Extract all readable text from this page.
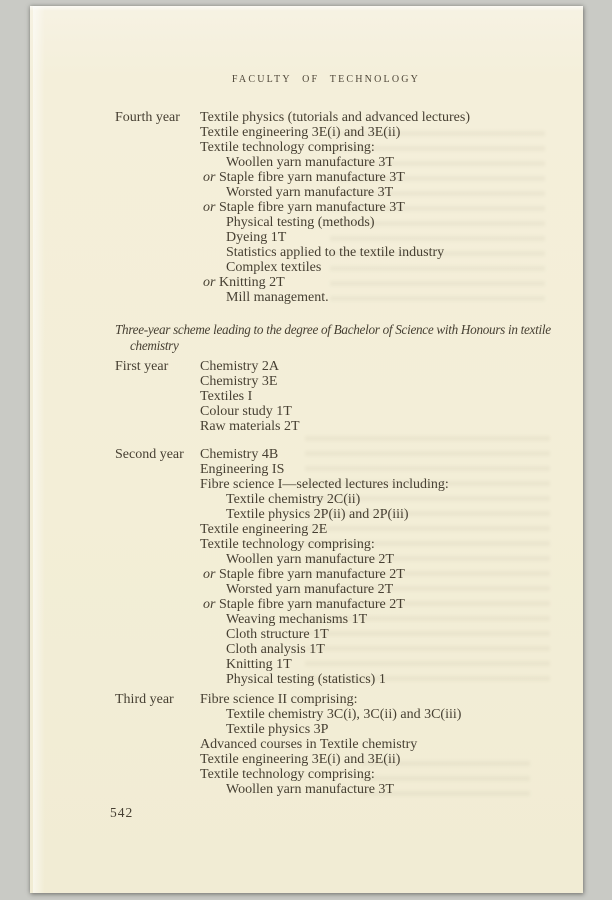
FACULTY OF TECHNOLOGY
Fourth year	Textile physics (tutorials and advanced lectures)
Textile engineering 3E(i) and 3E(ii)
Textile technology comprising:
Woollen yarn manufacture 3T
or Staple fibre yarn manufacture 3T
Worsted yarn manufacture 3T
or Staple fibre yarn manufacture 3T
Physical testing (methods)
Dyeing 1T
Statistics applied to the textile industry
Complex textiles
or Knitting 2T
Mill management.
Three-year scheme leading to the degree of Bachelor of Science with Honours in textile
chemistry
First year	Chemistry 2A
Chemistry 3E
Textiles I
Colour study 1T
Raw materials 2T
Second year	Chemistry 4B
Engineering IS
Fibre science I—selected lectures including:
Textile chemistry 2C(ii)
Textile physics 2P(ii) and 2P(iii)
Textile engineering 2E
Textile technology comprising:
Woollen yarn manufacture 2T
or Staple fibre yarn manufacture 2T
Worsted yarn manufacture 2T
or Staple fibre yarn manufacture 2T
Weaving mechanisms 1T
Cloth structure 1T
Cloth analysis 1T
Knitting 1T
Physical testing (statistics) 1
Third year	Fibre science II comprising:
Textile chemistry 3C(i), 3C(ii) and 3C(iii)
Textile physics 3P
Advanced courses in Textile chemistry
Textile engineering 3E(i) and 3E(ii)
Textile technology comprising:
Woollen yarn manufacture 3T
542
